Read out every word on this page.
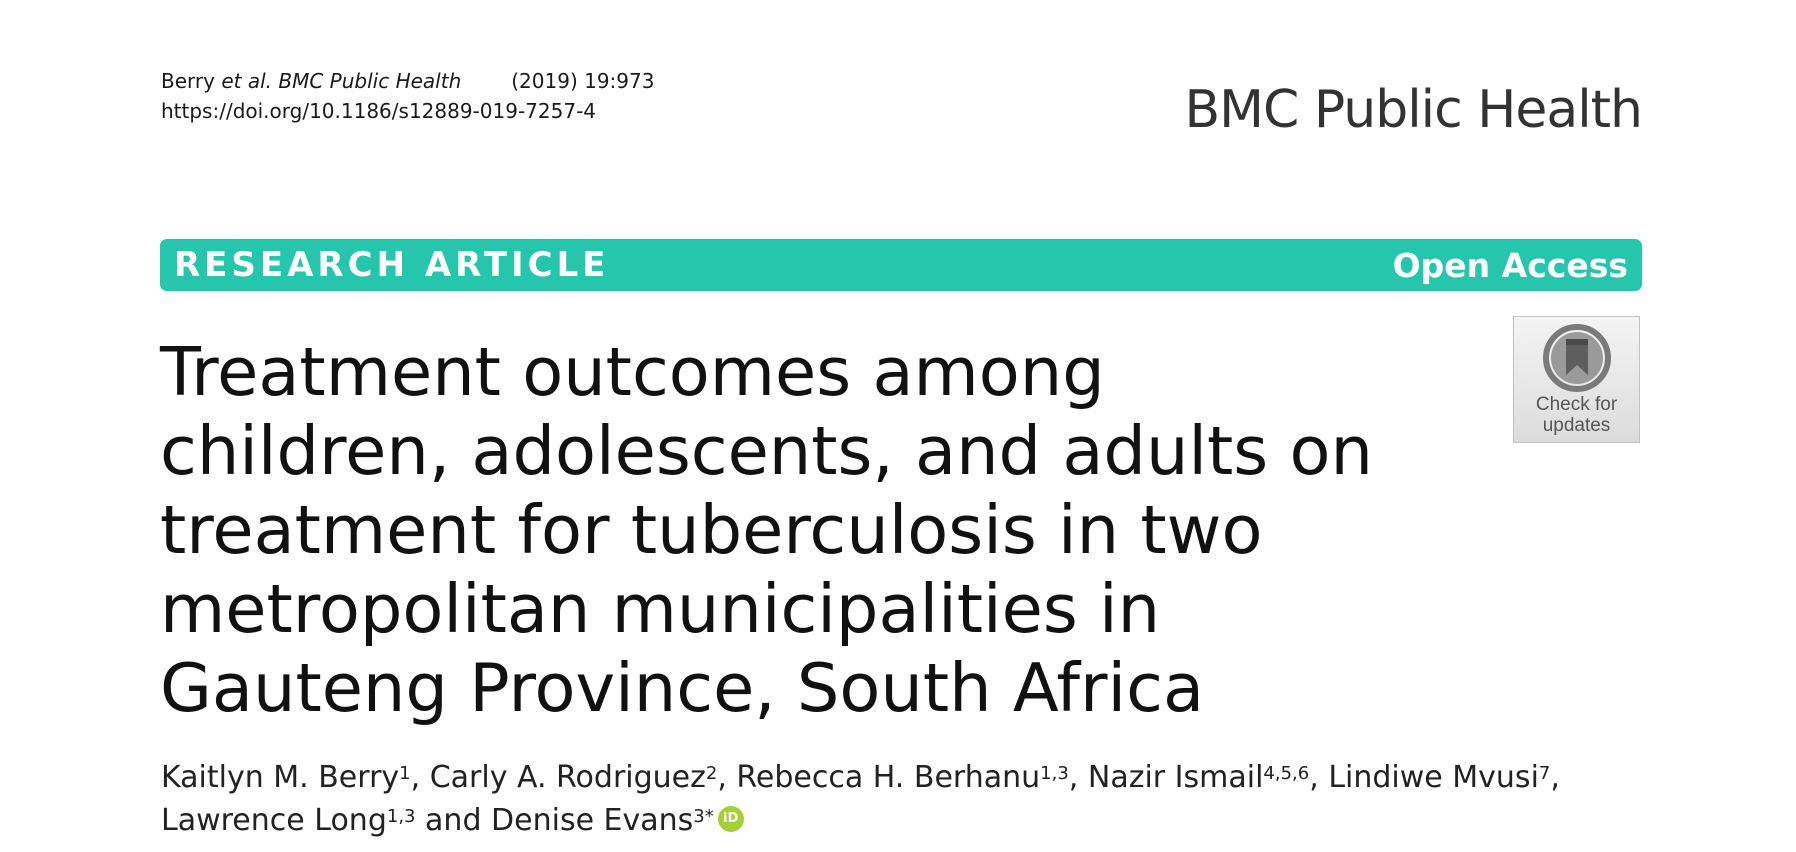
Berry et al. BMC Public Health	(2019) 19:973
https://doi.org/10.1186/s12889-019-7257-4	BMC Public Health
RESEARCH ARTICLE	Open Access
Check for
updates
Treatment outcomes among children, adolescents, and adults on treatment for tuberculosis in two metropolitan municipalities in Gauteng Province, South Africa
Kaitlyn M. Berry$^1$, Carly A. Rodriguez$^2$, Rebecca H. Berhanu$^{1,3}$, Nazir Ismail$^{4,5,6}$, Lindiwe Mvusi$^7$,
Lawrence Long$^{1,3}$ and Denise Evans$^{3*}$ iD
